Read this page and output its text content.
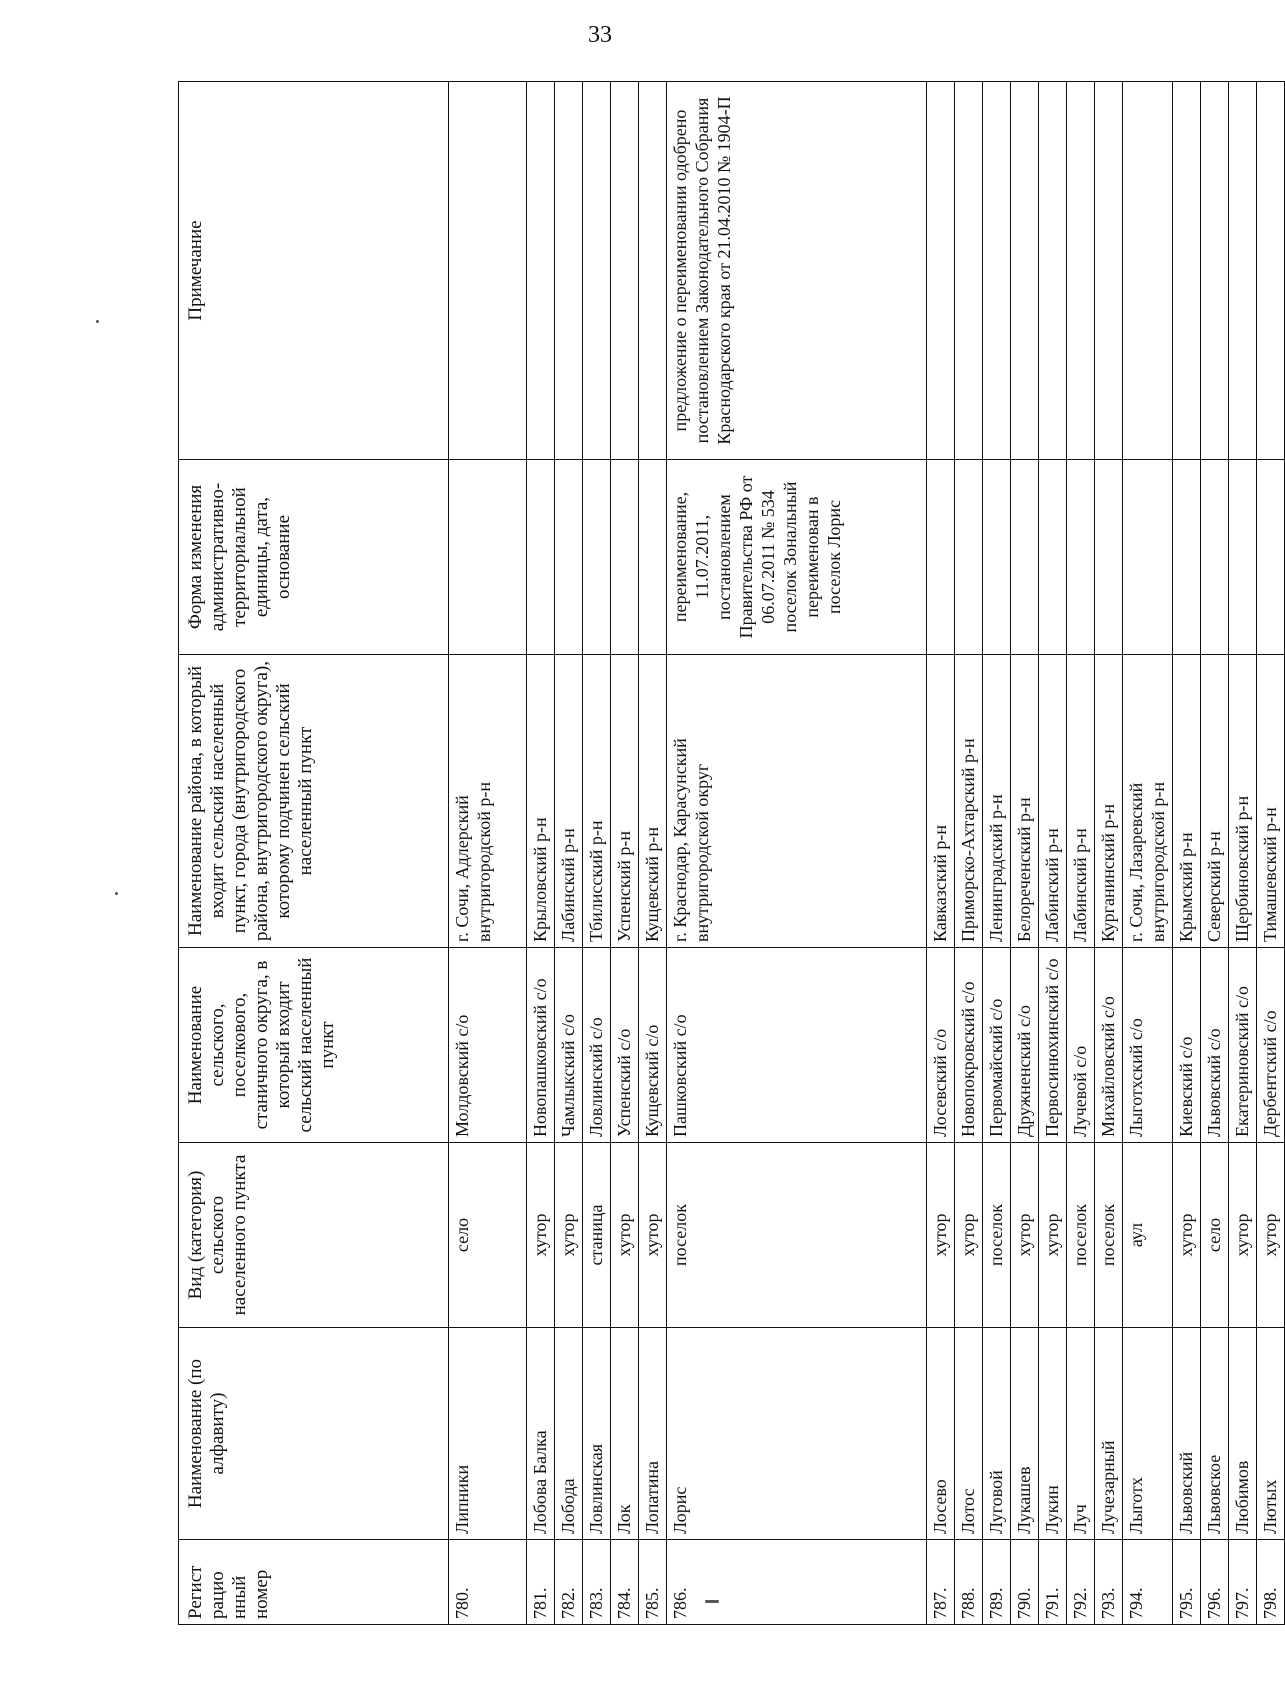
33
Регист рацио нный номер	Наименование (по алфавиту)	Вид (категория) сельского населенного пункта	Наименование сельского, поселкового, станичного округа, в который входит сельский населенный пункт	Наименование района, в который входит сельский населенный пункт, города (внутригородского района, внутригородского округа), которому подчинен сельский населенный пункт	Форма изменения административно-территориальной единицы, дата, основание	Примечание
780.	Липники	село	Молдовский с/о	г. Сочи, Адлерский внутригородской р-н		
781.	Лобова Балка	хутор	Новопашковский с/о	Крыловский р-н		
782.	Лобода	хутор	Чамлыкский с/о	Лабинский р-н		
783.	Ловлинская	станица	Ловлинский с/о	Тбилисский р-н		
784.	Лок	хутор	Успенский с/о	Успенский р-н		
785.	Лопатина	хутор	Кущевский с/о	Кущевский р-н		
786.	Лорис	поселок	Пашковский с/о	г. Краснодар, Карасунский внутригородской округ	переименование, 11.07.2011, постановлением Правительства РФ от 06.07.2011 № 534 поселок Зональный переименован в поселок Лорис	предложение о переименовании одобрено постановлением Законодательного Собрания Краснодарского края от 21.04.2010 № 1904-П
787.	Лосево	хутор	Лосевский с/о	Кавказский р-н		
788.	Лотос	хутор	Новопокровский с/о	Приморско-Ахтарский р-н		
789.	Луговой	поселок	Первомайский с/о	Ленинградский р-н		
790.	Лукашев	хутор	Дружненский с/о	Белореченский р-н		
791.	Лукин	хутор	Первосинюхинский с/о	Лабинский р-н		
792.	Луч	поселок	Лучевой с/о	Лабинский р-н		
793.	Лучезарный	поселок	Михайловский с/о	Курганинский р-н		
794.	Лыготх	аул	Лыготхский с/о	г. Сочи, Лазаревский внутригородской р-н		
795.	Львовский	хутор	Киевский с/о	Крымский р-н		
796.	Львовское	село	Львовский с/о	Северский р-н		
797.	Любимов	хутор	Екатериновский с/о	Щербиновский р-н		
798.	Лютых	хутор	Дербентский с/о	Тимашевский р-н		
